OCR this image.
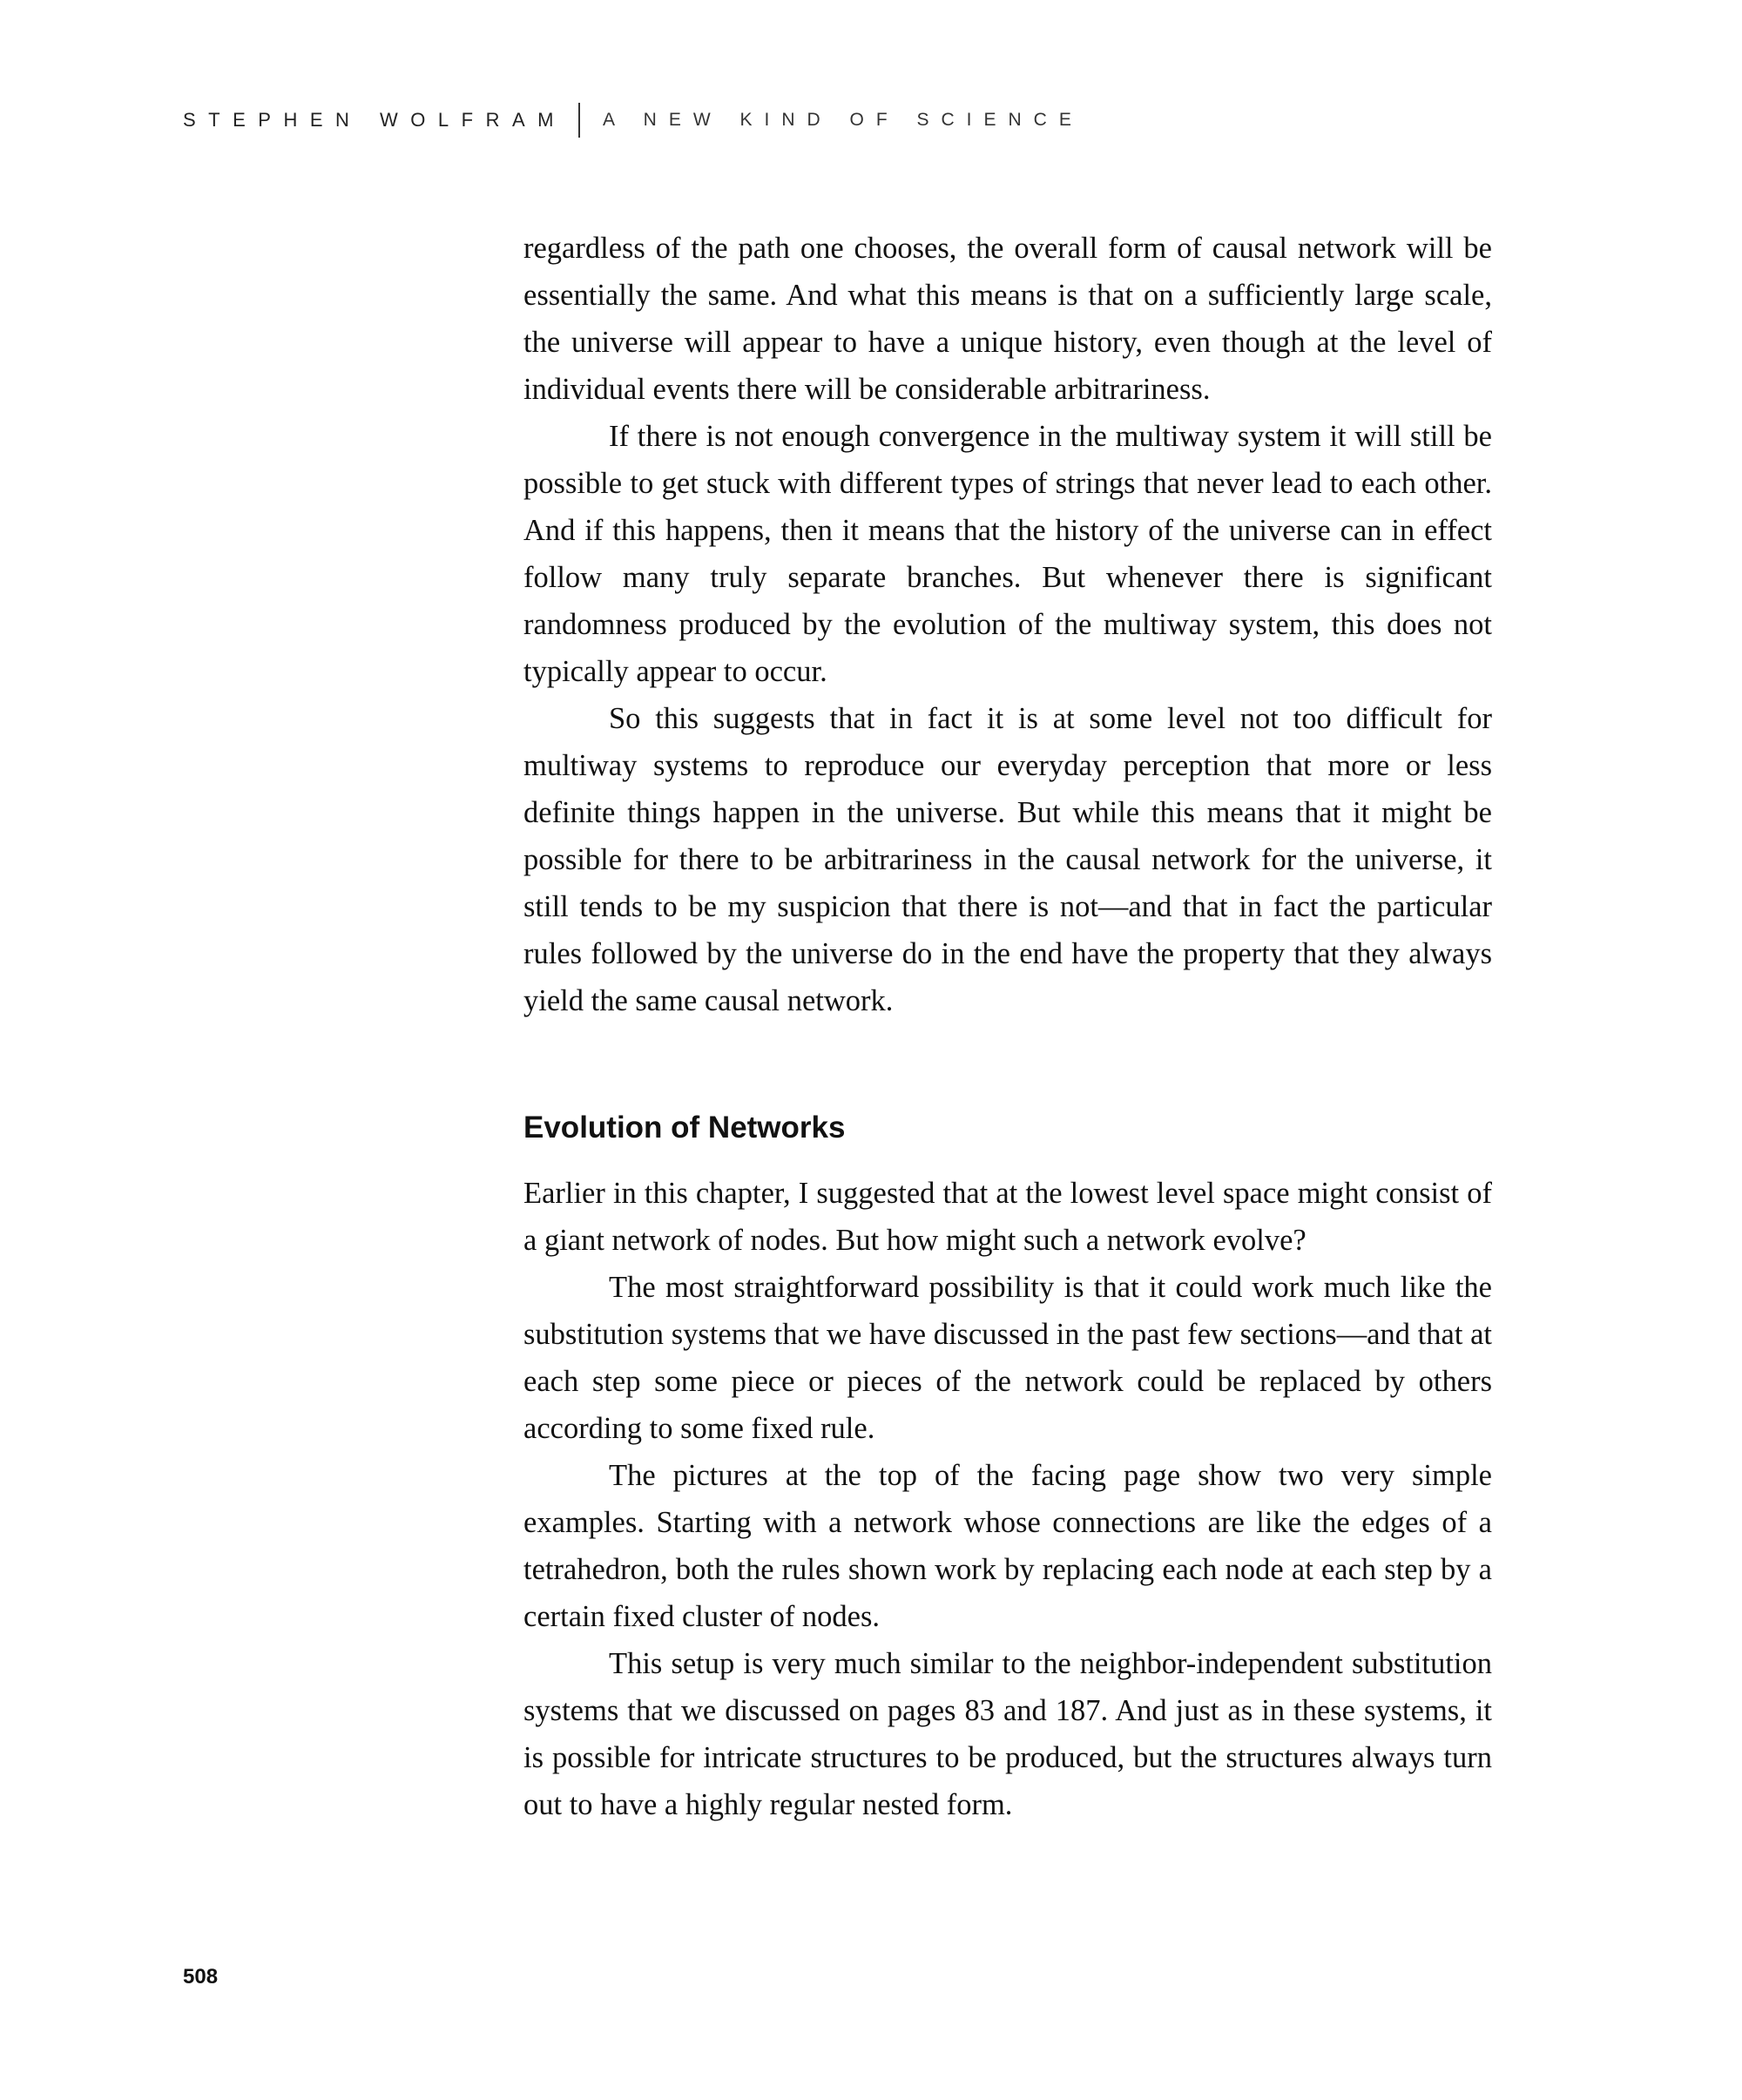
STEPHEN WOLFRAM A NEW KIND OF SCIENCE

regardless of the path one chooses, the overall form of causal network will be essentially the same. And what this means is that on a sufficiently large scale, the universe will appear to have a unique history, even though at the level of individual events there will be considerable arbitrariness.

If there is not enough convergence in the multiway system it will still be possible to get stuck with different types of strings that never lead to each other. And if this happens, then it means that the history of the universe can in effect follow many truly separate branches. But whenever there is significant randomness produced by the evolution of the multiway system, this does not typically appear to occur.

So this suggests that in fact it is at some level not too difficult for multiway systems to reproduce our everyday perception that more or less definite things happen in the universe. But while this means that it might be possible for there to be arbitrariness in the causal network for the universe, it still tends to be my suspicion that there is not—and that in fact the particular rules followed by the universe do in the end have the property that they always yield the same causal network.

Evolution of Networks

Earlier in this chapter, I suggested that at the lowest level space might consist of a giant network of nodes. But how might such a network evolve?

The most straightforward possibility is that it could work much like the substitution systems that we have discussed in the past few sections—and that at each step some piece or pieces of the network could be replaced by others according to some fixed rule.

The pictures at the top of the facing page show two very simple examples. Starting with a network whose connections are like the edges of a tetrahedron, both the rules shown work by replacing each node at each step by a certain fixed cluster of nodes.

This setup is very much similar to the neighbor-independent substitution systems that we discussed on pages 83 and 187. And just as in these systems, it is possible for intricate structures to be produced, but the structures always turn out to have a highly regular nested form.

508
